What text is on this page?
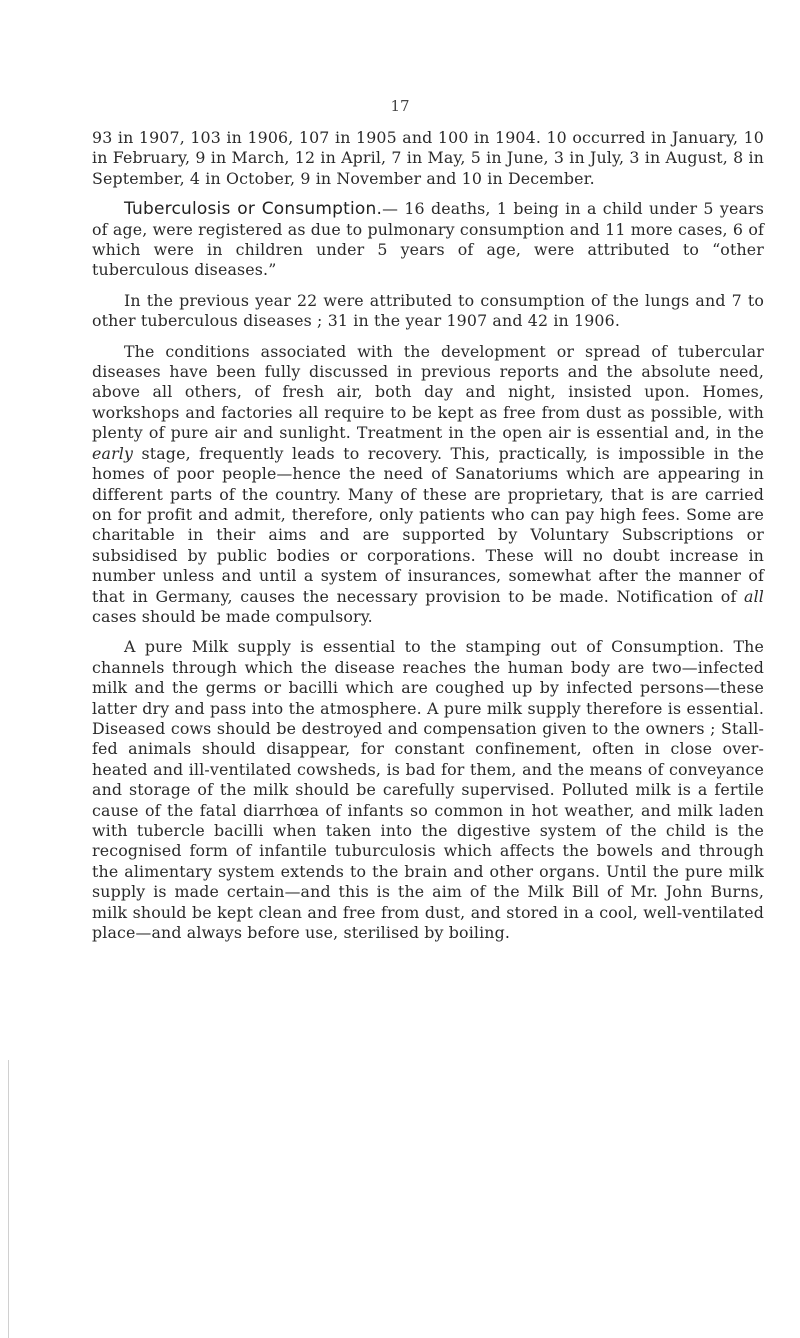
17

93 in 1907, 103 in 1906, 107 in 1905 and 100 in 1904. 10 occurred in January, 10 in February, 9 in March, 12 in April, 7 in May, 5 in June, 3 in July, 3 in August, 8 in September, 4 in October, 9 in November and 10 in December.

Tuberculosis or Consumption.— 16 deaths, 1 being in a child under 5 years of age, were registered as due to pulmonary consumption and 11 more cases, 6 of which were in children under 5 years of age, were attributed to “other tuberculous diseases.”

In the previous year 22 were attributed to consumption of the lungs and 7 to other tuberculous diseases ; 31 in the year 1907 and 42 in 1906.

The conditions associated with the development or spread of tubercular diseases have been fully discussed in previous reports and the absolute need, above all others, of fresh air, both day and night, insisted upon. Homes, workshops and factories all require to be kept as free from dust as possible, with plenty of pure air and sunlight. Treatment in the open air is essential and, in the early stage, frequently leads to recovery. This, practically, is impossible in the homes of poor people—hence the need of Sanatoriums which are appearing in different parts of the country. Many of these are proprietary, that is are carried on for profit and admit, therefore, only patients who can pay high fees. Some are charitable in their aims and are supported by Voluntary Subscriptions or subsidised by public bodies or corporations. These will no doubt increase in number unless and until a system of insurances, somewhat after the manner of that in Germany, causes the necessary provision to be made. Notification of all cases should be made compulsory.

A pure Milk supply is essential to the stamping out of Consumption. The channels through which the disease reaches the human body are two—infected milk and the germs or bacilli which are coughed up by infected persons—these latter dry and pass into the atmosphere. A pure milk supply therefore is essential. Diseased cows should be destroyed and compensation given to the owners ; Stall-fed animals should disappear, for constant confinement, often in close over-heated and ill-ventilated cowsheds, is bad for them, and the means of conveyance and storage of the milk should be carefully supervised. Polluted milk is a fertile cause of the fatal diarrhœa of infants so common in hot weather, and milk laden with tubercle bacilli when taken into the digestive system of the child is the recognised form of infantile tuburculosis which affects the bowels and through the alimentary system extends to the brain and other organs. Until the pure milk supply is made certain—and this is the aim of the Milk Bill of Mr. John Burns, milk should be kept clean and free from dust, and stored in a cool, well-ventilated place—and always before use, sterilised by boiling.
